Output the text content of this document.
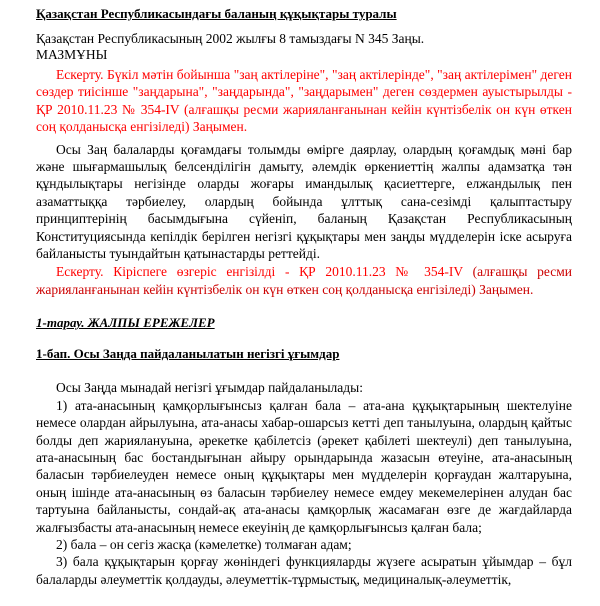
Қазақстан Республикасындағы баланың құқықтары туралы
Қазақстан Республикасының 2002 жылғы 8 тамыздағы N 345 Заңы.
МАЗМҰНЫ

Ескерту. Бүкіл мәтін бойынша "заң актілеріне", "заң актілерінде", "заң актілерімен" деген сөздер тиісінше "заңдарына", "заңдарында", "заңдарымен" деген сөздермен ауыстырылды - ҚР 2010.11.23 № 354-IV (алғашқы ресми жарияланғанынан кейін күнтізбелік он күн өткен соң қолданысқа енгізіледі) Заңымен.

Осы Заң балаларды қоғамдағы толымды өмірге даярлау, олардың қоғамдық мәні бар және шығармашылық белсенділігін дамыту, әлемдік өркениеттің жалпы адамзатқа тән құндылықтары негізінде оларды жоғары имандылық қасиеттерге, елжандылық пен азаматтыққа тәрбиелеу, олардың бойында ұлттық сана-сезімді қалыптастыру принциптерінің басымдығына сүйеніп, баланың Қазақстан Республикасының Конституциясында кепілдік берілген негізгі құқықтары мен заңды мүдделерін іске асыруға байланысты туындайтын қатынастарды реттейді.

Ескерту. Кіріспеге өзгеріс енгізілді - ҚР 2010.11.23 № 354-IV (алғашқы ресми жарияланғанынан кейін күнтізбелік он күн өткен соң қолданысқа енгізіледі) Заңымен.

1-тарау. ЖАЛПЫ ЕРЕЖЕЛЕР
1-бап. Осы Заңда пайдаланылатын негізгі ұғымдар

Осы Заңда мынадай негізгі ұғымдар пайдаланылады:

1) ата-анасының қамқорлығынсыз қалған бала – ата-ана құқықтарының шектелуіне немесе олардан айрылуына, ата-анасы хабар-ошарсыз кетті деп танылуына, олардың қайтыс болды деп жариялануына, әрекетке қабілетсіз (әрекет қабілеті шектеулі) деп танылуына, ата-анасының бас бостандығынан айыру орындарында жазасын өтеуіне, ата-анасының баласын тәрбиелеуден немесе оның құқықтары мен мүдделерін қорғаудан жалтаруына, оның ішінде ата-анасының өз баласын тәрбиелеу немесе емдеу мекемелерінен алудан бас тартуына байланысты, сондай-ақ ата-анасы қамқорлық жасамаған өзге де жағдайларда жалғызбасты ата-анасының немесе екеуінің де қамқорлығынсыз қалған бала;

2) бала – он сегіз жасқа (кәмелетке) толмаған адам;

3) бала құқықтарын қорғау жөніндегі функцияларды жүзеге асыратын ұйымдар – бұл балаларды әлеуметтік қолдауды, әлеуметтік-тұрмыстық, медициналық-әлеуметтік,
